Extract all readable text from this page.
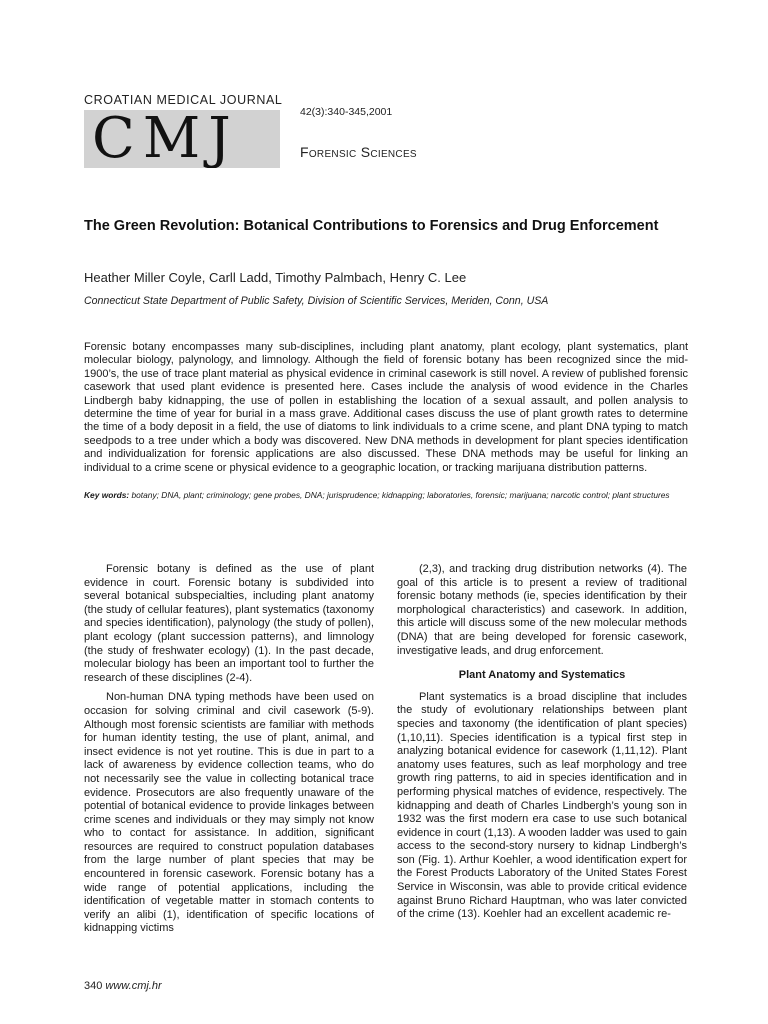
CROATIAN MEDICAL JOURNAL
CMJ	42(3):340-345,2001
Forensic Sciences
The Green Revolution: Botanical Contributions to Forensics and Drug Enforcement
Heather Miller Coyle, Carll Ladd, Timothy Palmbach, Henry C. Lee
Connecticut State Department of Public Safety, Division of Scientific Services, Meriden, Conn, USA
Forensic botany encompasses many sub-disciplines, including plant anatomy, plant ecology, plant systematics, plant molecular biology, palynology, and limnology. Although the field of forensic botany has been recognized since the mid-1900’s, the use of trace plant material as physical evidence in criminal casework is still novel. A review of published forensic casework that used plant evidence is presented here. Cases include the analysis of wood evidence in the Charles Lindbergh baby kidnapping, the use of pollen in establishing the location of a sexual assault, and pollen analysis to determine the time of year for burial in a mass grave. Additional cases discuss the use of plant growth rates to determine the time of a body deposit in a field, the use of diatoms to link individuals to a crime scene, and plant DNA typing to match seedpods to a tree under which a body was discovered. New DNA methods in development for plant species identification and individualization for forensic applications are also discussed. These DNA methods may be useful for linking an individual to a crime scene or physical evidence to a geographic location, or tracking marijuana distribution patterns.
Key words: botany; DNA, plant; criminology; gene probes, DNA; jurisprudence; kidnapping; laboratories, forensic; marijuana; narcotic control; plant structures

Forensic botany is defined as the use of plant evidence in court. Forensic botany is subdivided into several botanical subspecialties, including plant anatomy (the study of cellular features), plant systematics (taxonomy and species identification), palynology (the study of pollen), plant ecology (plant succession patterns), and limnology (the study of freshwater ecology) (1). In the past decade, molecular biology has been an important tool to further the research of these disciplines (2-4).

Non-human DNA typing methods have been used on occasion for solving criminal and civil casework (5-9). Although most forensic scientists are familiar with methods for human identity testing, the use of plant, animal, and insect evidence is not yet routine. This is due in part to a lack of awareness by evidence collection teams, who do not necessarily see the value in collecting botanical trace evidence. Prosecutors are also frequently unaware of the potential of botanical evidence to provide linkages between crime scenes and individuals or they may simply not know who to contact for assistance. In addition, significant resources are required to construct population databases from the large number of plant species that may be encountered in forensic casework. Forensic botany has a wide range of potential applications, including the identification of vegetable matter in stomach contents to verify an alibi (1), identification of specific locations of kidnapping victims

(2,3), and tracking drug distribution networks (4). The goal of this article is to present a review of traditional forensic botany methods (ie, species identification by their morphological characteristics) and casework. In addition, this article will discuss some of the new molecular methods (DNA) that are being developed for forensic casework, investigative leads, and drug enforcement.

Plant Anatomy and Systematics

Plant systematics is a broad discipline that includes the study of evolutionary relationships between plant species and taxonomy (the identification of plant species) (1,10,11). Species identification is a typical first step in analyzing botanical evidence for casework (1,11,12). Plant anatomy uses features, such as leaf morphology and tree growth ring patterns, to aid in species identification and in performing physical matches of evidence, respectively. The kidnapping and death of Charles Lindbergh’s young son in 1932 was the first modern era case to use such botanical evidence in court (1,13). A wooden ladder was used to gain access to the second-story nursery to kidnap Lindbergh’s son (Fig. 1). Arthur Koehler, a wood identification expert for the Forest Products Laboratory of the United States Forest Service in Wisconsin, was able to provide critical evidence against Bruno Richard Hauptman, who was later convicted of the crime (13). Koehler had an excellent academic re-

340 www.cmj.hr
